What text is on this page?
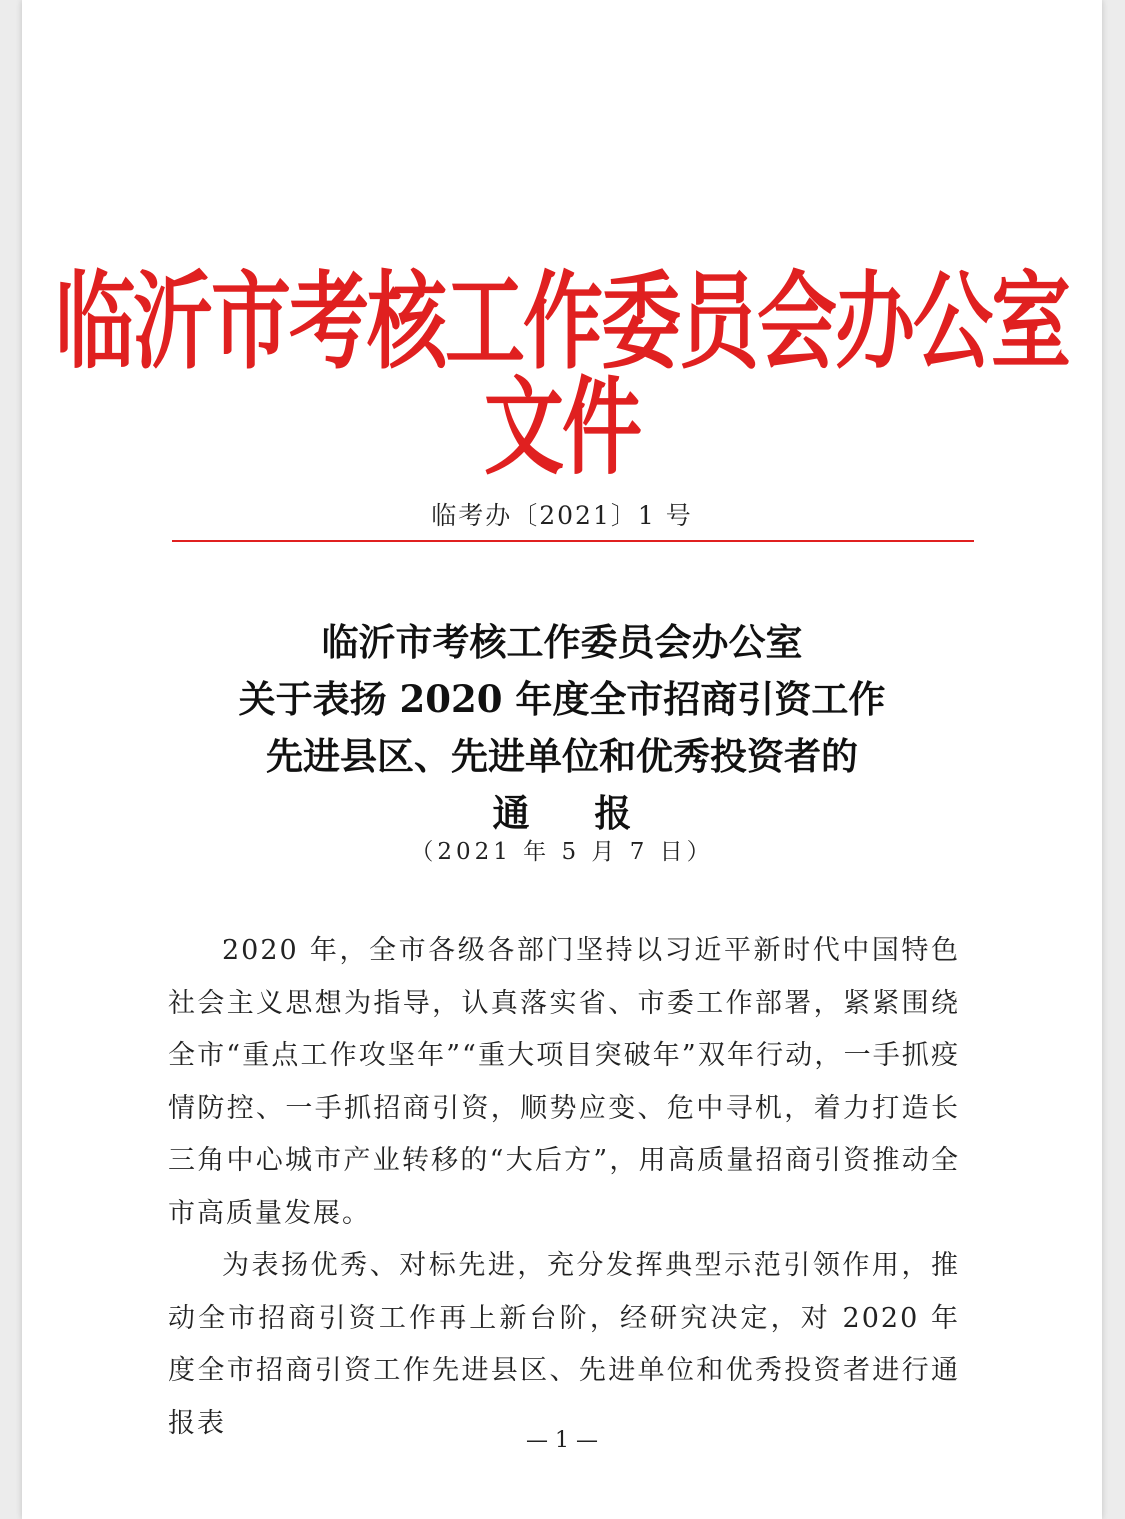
临沂市考核工作委员会办公室文件
临考办〔2021〕1 号
临沂市考核工作委员会办公室
关于表扬 2020 年度全市招商引资工作
先进县区、先进单位和优秀投资者的
通 报
（2021 年 5 月 7 日）

2020 年，全市各级各部门坚持以习近平新时代中国特色社会主义思想为指导，认真落实省、市委工作部署，紧紧围绕全市“重点工作攻坚年”“重大项目突破年”双年行动，一手抓疫情防控、一手抓招商引资，顺势应变、危中寻机，着力打造长三角中心城市产业转移的“大后方”，用高质量招商引资推动全市高质量发展。

为表扬优秀、对标先进，充分发挥典型示范引领作用，推动全市招商引资工作再上新台阶，经研究决定，对 2020 年度全市招商引资工作先进县区、先进单位和优秀投资者进行通报表

— 1 —
